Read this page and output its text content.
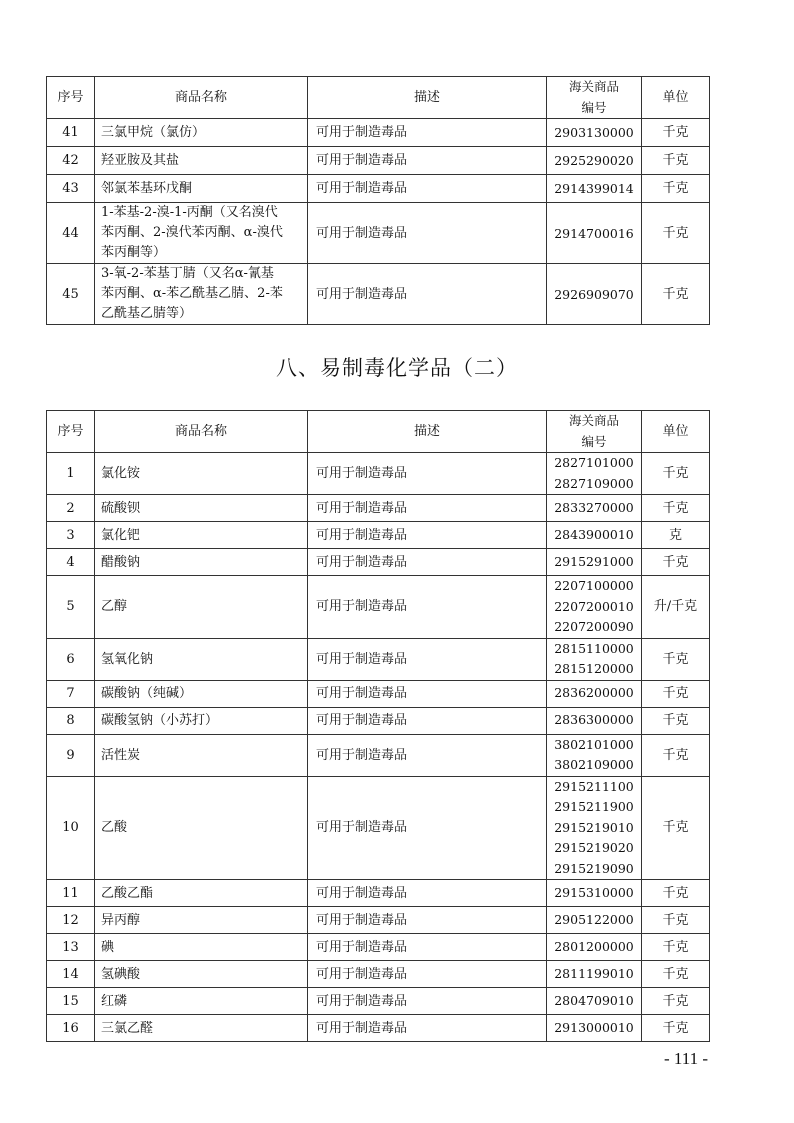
序号	商品名称	描述	海关商品
编号	单位
41	三氯甲烷（氯仿）	可用于制造毒品	2903130000	千克
42	羟亚胺及其盐	可用于制造毒品	2925290020	千克
43	邻氯苯基环戊酮	可用于制造毒品	2914399014	千克
44	1-苯基-2-溴-1-丙酮（又名溴代
苯丙酮、2-溴代苯丙酮、α-溴代
苯丙酮等）	可用于制造毒品	2914700016	千克
45	3-氧-2-苯基丁腈（又名α-氰基
苯丙酮、α-苯乙酰基乙腈、2-苯
乙酰基乙腈等）	可用于制造毒品	2926909070	千克
八、易制毒化学品（二）
序号	商品名称	描述	海关商品
编号	单位
1	氯化铵	可用于制造毒品	2827101000
2827109000	千克
2	硫酸钡	可用于制造毒品	2833270000	千克
3	氯化钯	可用于制造毒品	2843900010	克
4	醋酸钠	可用于制造毒品	2915291000	千克
5	乙醇	可用于制造毒品	2207100000
2207200010
2207200090	升/千克
6	氢氧化钠	可用于制造毒品	2815110000
2815120000	千克
7	碳酸钠（纯碱）	可用于制造毒品	2836200000	千克
8	碳酸氢钠（小苏打）	可用于制造毒品	2836300000	千克
9	活性炭	可用于制造毒品	3802101000
3802109000	千克
10	乙酸	可用于制造毒品	2915211100
2915211900
2915219010
2915219020
2915219090	千克
11	乙酸乙酯	可用于制造毒品	2915310000	千克
12	异丙醇	可用于制造毒品	2905122000	千克
13	碘	可用于制造毒品	2801200000	千克
14	氢碘酸	可用于制造毒品	2811199010	千克
15	红磷	可用于制造毒品	2804709010	千克
16	三氯乙醛	可用于制造毒品	2913000010	千克
- 111 -
